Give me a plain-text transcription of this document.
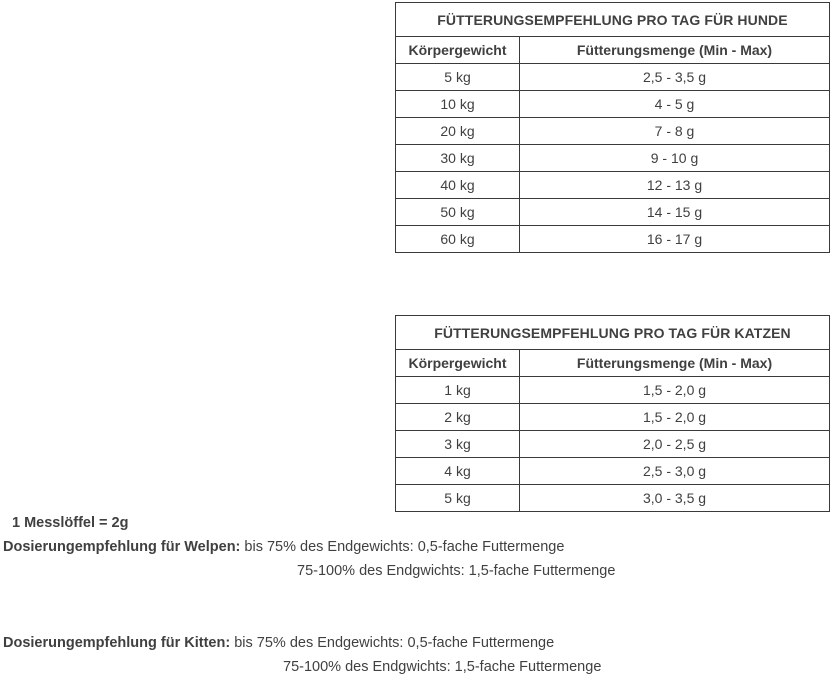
FÜTTERUNGSEMPFEHLUNG PRO TAG FÜR HUNDE	
Körpergewicht	Fütterungsmenge (Min - Max)
5 kg	2,5 - 3,5 g
10 kg	4 - 5 g
20 kg	7 - 8 g
30 kg	9 - 10 g
40 kg	12 - 13 g
50 kg	14 - 15 g
60 kg	16 - 17 g
FÜTTERUNGSEMPFEHLUNG PRO TAG FÜR KATZEN	
Körpergewicht	Fütterungsmenge (Min - Max)
1 kg	1,5 - 2,0 g
2 kg	1,5 - 2,0 g
3 kg	2,0 - 2,5 g
4 kg	2,5 - 3,0 g
5 kg	3,0 - 3,5 g
1 Messlöffel = 2g
Dosierungempfehlung für Welpen: bis 75% des Endgewichts: 0,5-fache Futtermenge
75-100% des Endgwichts: 1,5-fache Futtermenge
Dosierungempfehlung für Kitten: bis 75% des Endgewichts: 0,5-fache Futtermenge
75-100% des Endgwichts: 1,5-fache Futtermenge
